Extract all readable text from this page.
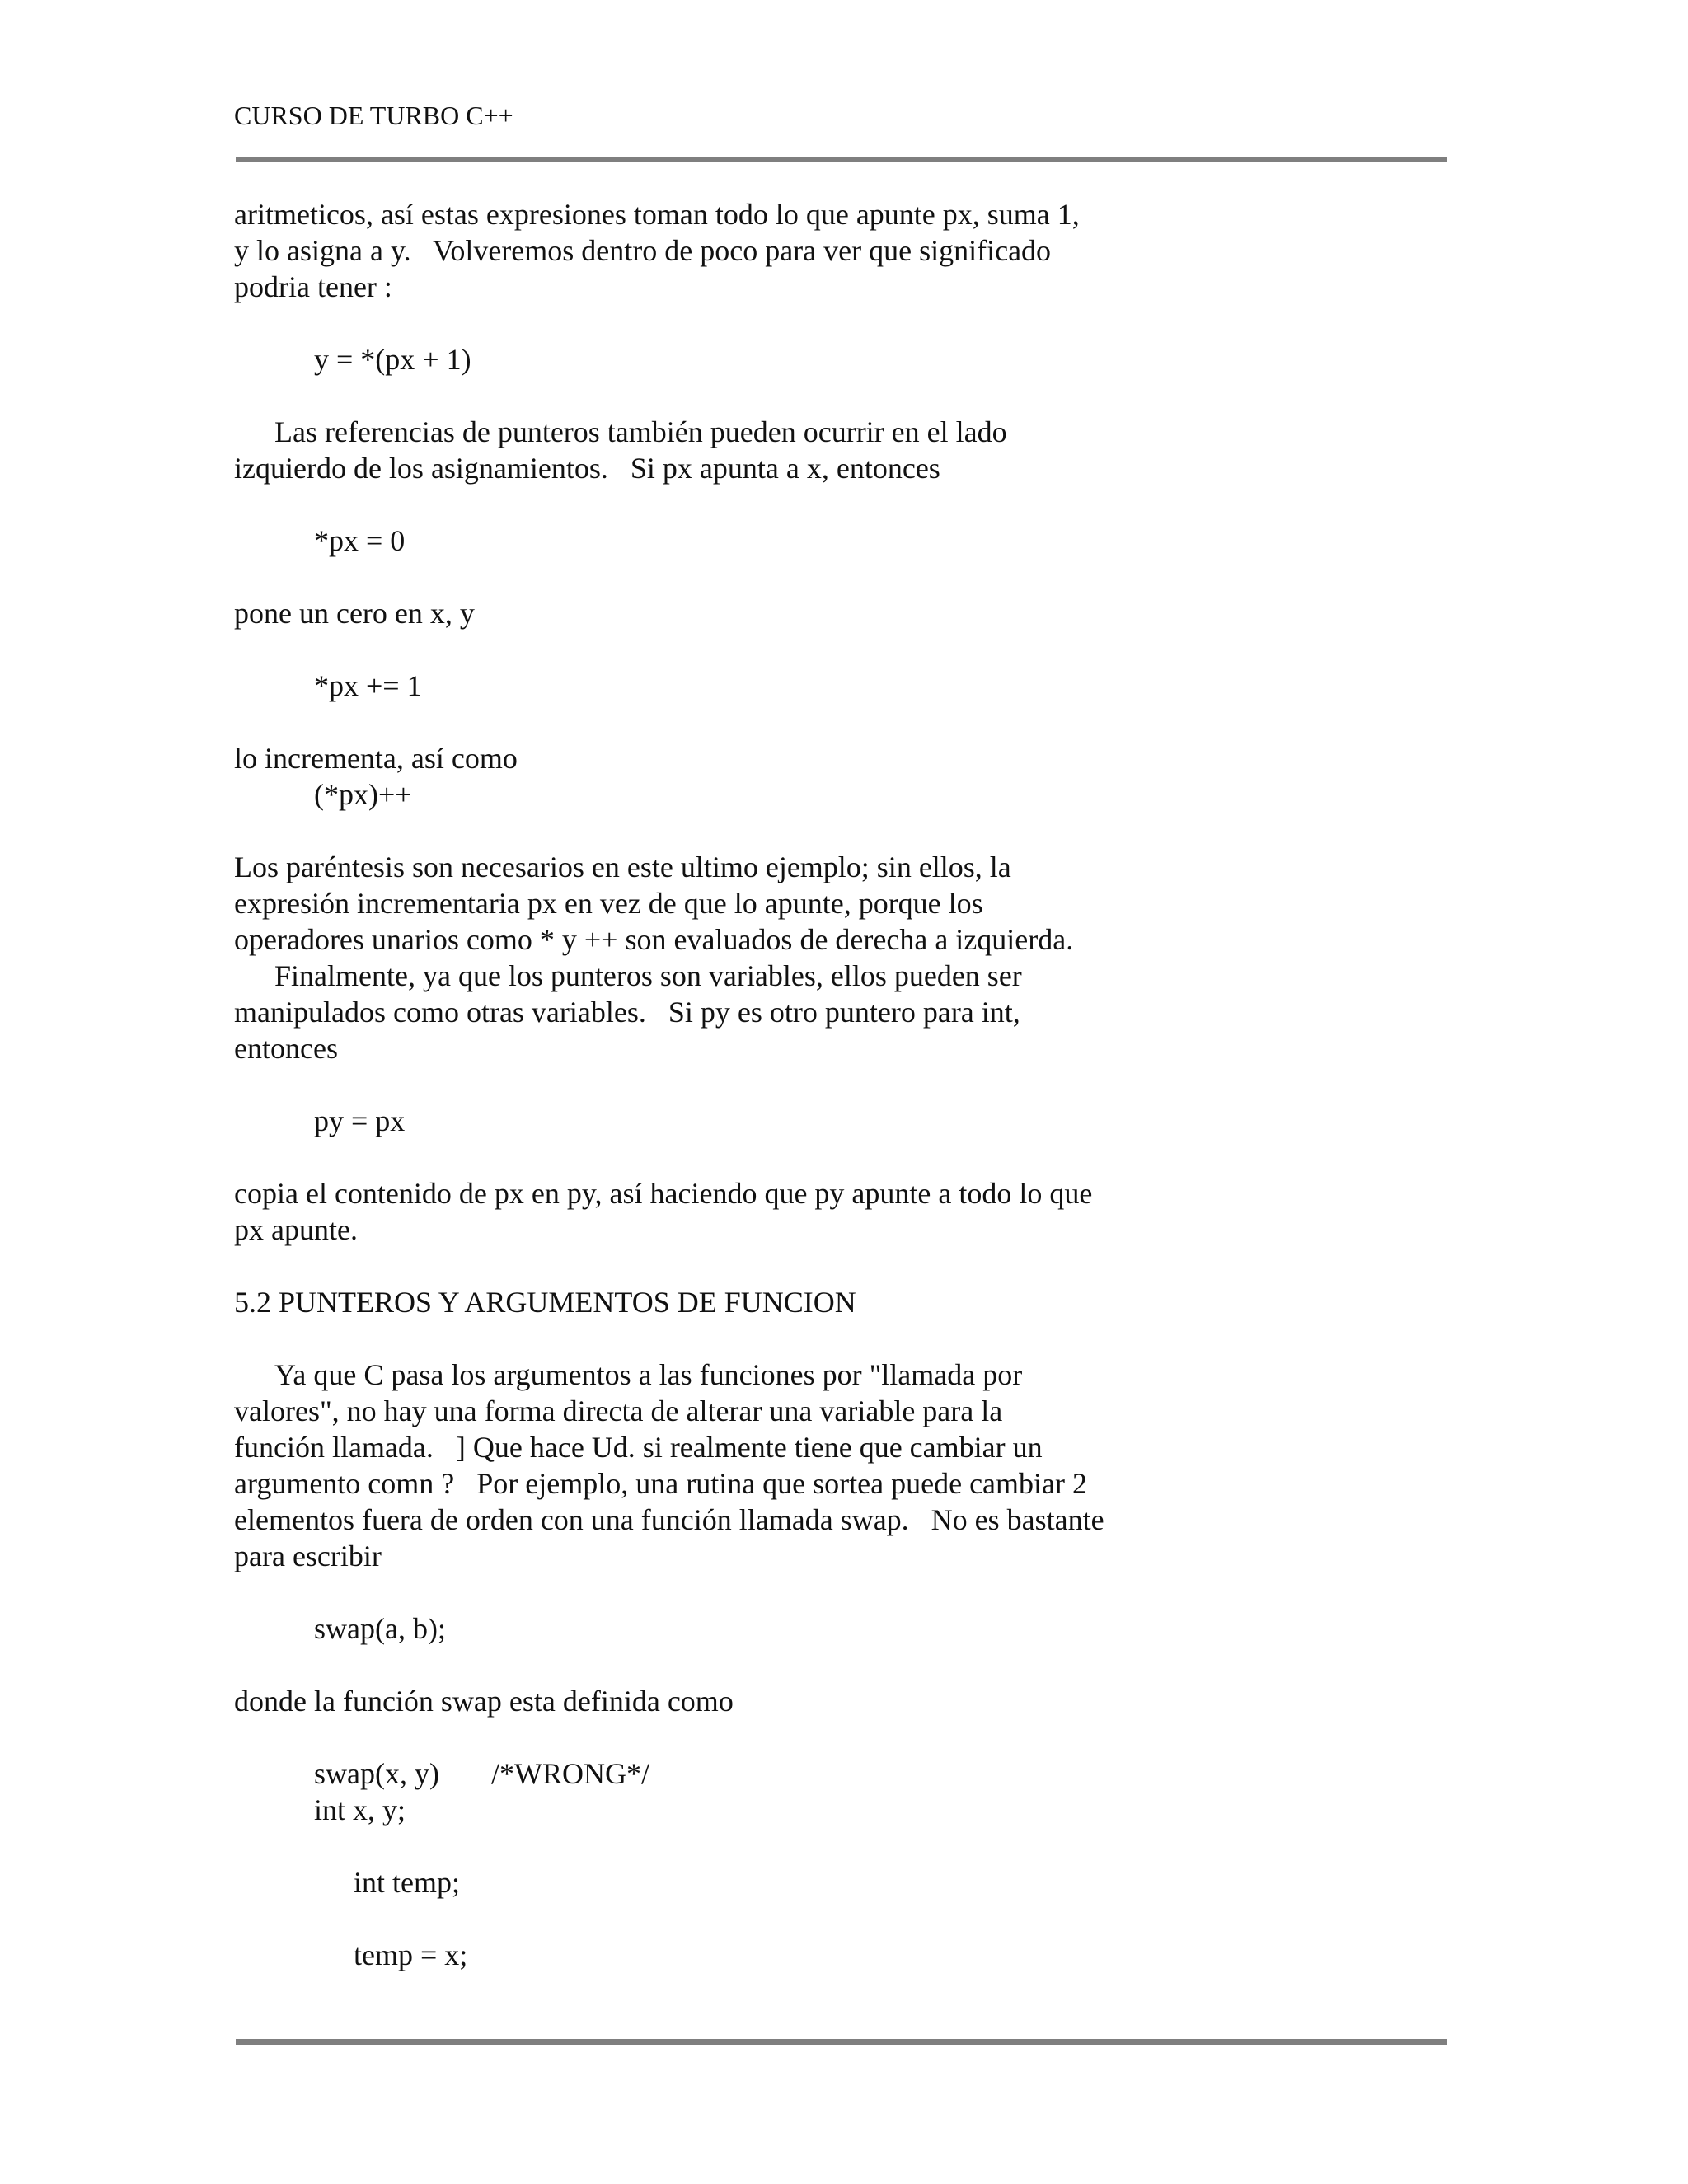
CURSO DE TURBO C++
aritmeticos, así estas expresiones toman todo lo que apunte px, suma 1,
y lo asigna a y.   Volveremos dentro de poco para ver que significado
podria tener :
y = *(px + 1)
Las referencias de punteros también pueden ocurrir en el lado
izquierdo de los asignamientos.   Si px apunta a x, entonces
*px = 0
pone un cero en x, y
*px += 1
lo incrementa, así como
(*px)++
Los paréntesis son necesarios en este ultimo ejemplo; sin ellos, la
expresión incrementaria px en vez de que lo apunte, porque los
operadores unarios como * y ++ son evaluados de derecha a izquierda.
Finalmente, ya que los punteros son variables, ellos pueden ser
manipulados como otras variables.   Si py es otro puntero para int,
entonces
py = px
copia el contenido de px en py, así haciendo que py apunte a todo lo que
px apunte.
5.2 PUNTEROS Y ARGUMENTOS DE FUNCION
Ya que C pasa los argumentos a las funciones por "llamada por
valores", no hay una forma directa de alterar una variable para la
función llamada.   ] Que hace Ud. si realmente tiene que cambiar un
argumento comn ?   Por ejemplo, una rutina que sortea puede cambiar 2
elementos fuera de orden con una función llamada swap.   No es bastante
para escribir
swap(a, b);
donde la función swap esta definida como
swap(x, y)       /*WRONG*/
int x, y;
int temp;
temp = x;
